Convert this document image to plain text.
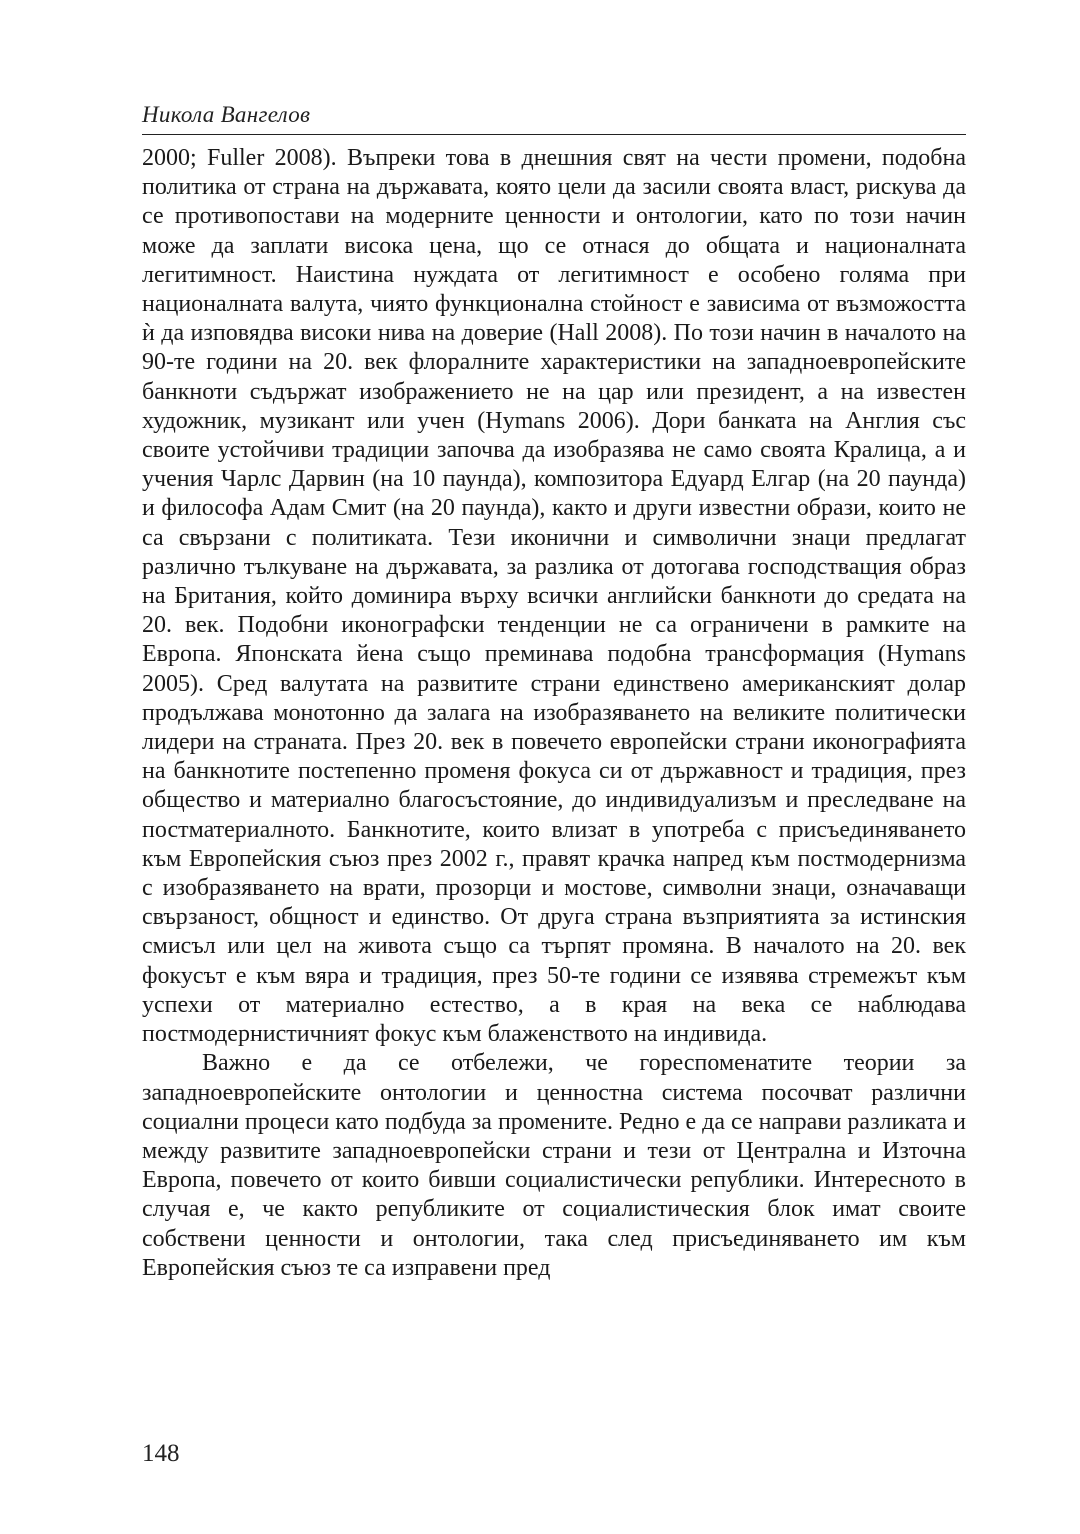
Никола Вангелов

2000; Fuller 2008). Въпреки това в днешния свят на чести промени, подобна политика от страна на държавата, която цели да засили своята власт, рискува да се противопостави на модерните ценности и онтологии, като по този начин може да заплати висока цена, що се отнася до общата и националната легитимност. Наистина нуждата от легитимност е особено голяма при националната валута, чиято функционална стойност е зависима от възможостта ѝ да изповядва високи нива на доверие (Hall 2008). По този начин в началото на 90-те години на 20. век флоралните характеристики на западноевропейските банкноти съдържат изображението не на цар или президент, а на известен художник, музикант или учен (Hymans 2006). Дори банката на Англия със своите устойчиви традиции започва да изобразява не само своята Кралица, а и учения Чарлс Дарвин (на 10 паунда), композитора Едуард Елгар (на 20 паунда) и философа Адам Смит (на 20 паунда), както и други известни образи, които не са свързани с политиката. Тези иконични и символични знаци предлагат различно тълкуване на държавата, за разлика от дотогава господстващия образ на Британия, който доминира върху всички английски банкноти до средата на 20. век. Подобни иконографски тенденции не са ограничени в рамките на Европа. Японската йена също преминава подобна трансформация (Hymans 2005). Сред валутата на развитите страни единствено американският долар продължава монотонно да залага на изобразяването на великите политически лидери на страната. През 20. век в повечето европейски страни иконографията на банкнотите постепенно променя фокуса си от държавност и традиция, през общество и материално благосъстояние, до индивидуализъм и преследване на постматериалното. Банкнотите, които влизат в употреба с присъединяването към Европейския съюз през 2002 г., правят крачка напред към постмодернизма с изобразяването на врати, прозорци и мостове, символни знаци, означаващи свързаност, общност и единство. От друга страна възприятията за истинския смисъл или цел на живота също са търпят промяна. В началото на 20. век фокусът е към вяра и традиция, през 50-те години се изявява стремежът към успехи от материално естество, а в края на века се наблюдава постмодернистичният фокус към блаженството на индивида.

Важно е да се отбележи, че гореспоменатите теории за западноевропейските онтологии и ценностна система посочват различни социални процеси като подбуда за промените. Редно е да се направи разликата и между развитите западноевропейски страни и тези от Централна и Източна Европа, повечето от които бивши социалистически републики. Интересното в случая е, че както републиките от социалистическия блок имат своите собствени ценности и онтологии, така след присъединяването им към Европейския съюз те са изправени пред

148
